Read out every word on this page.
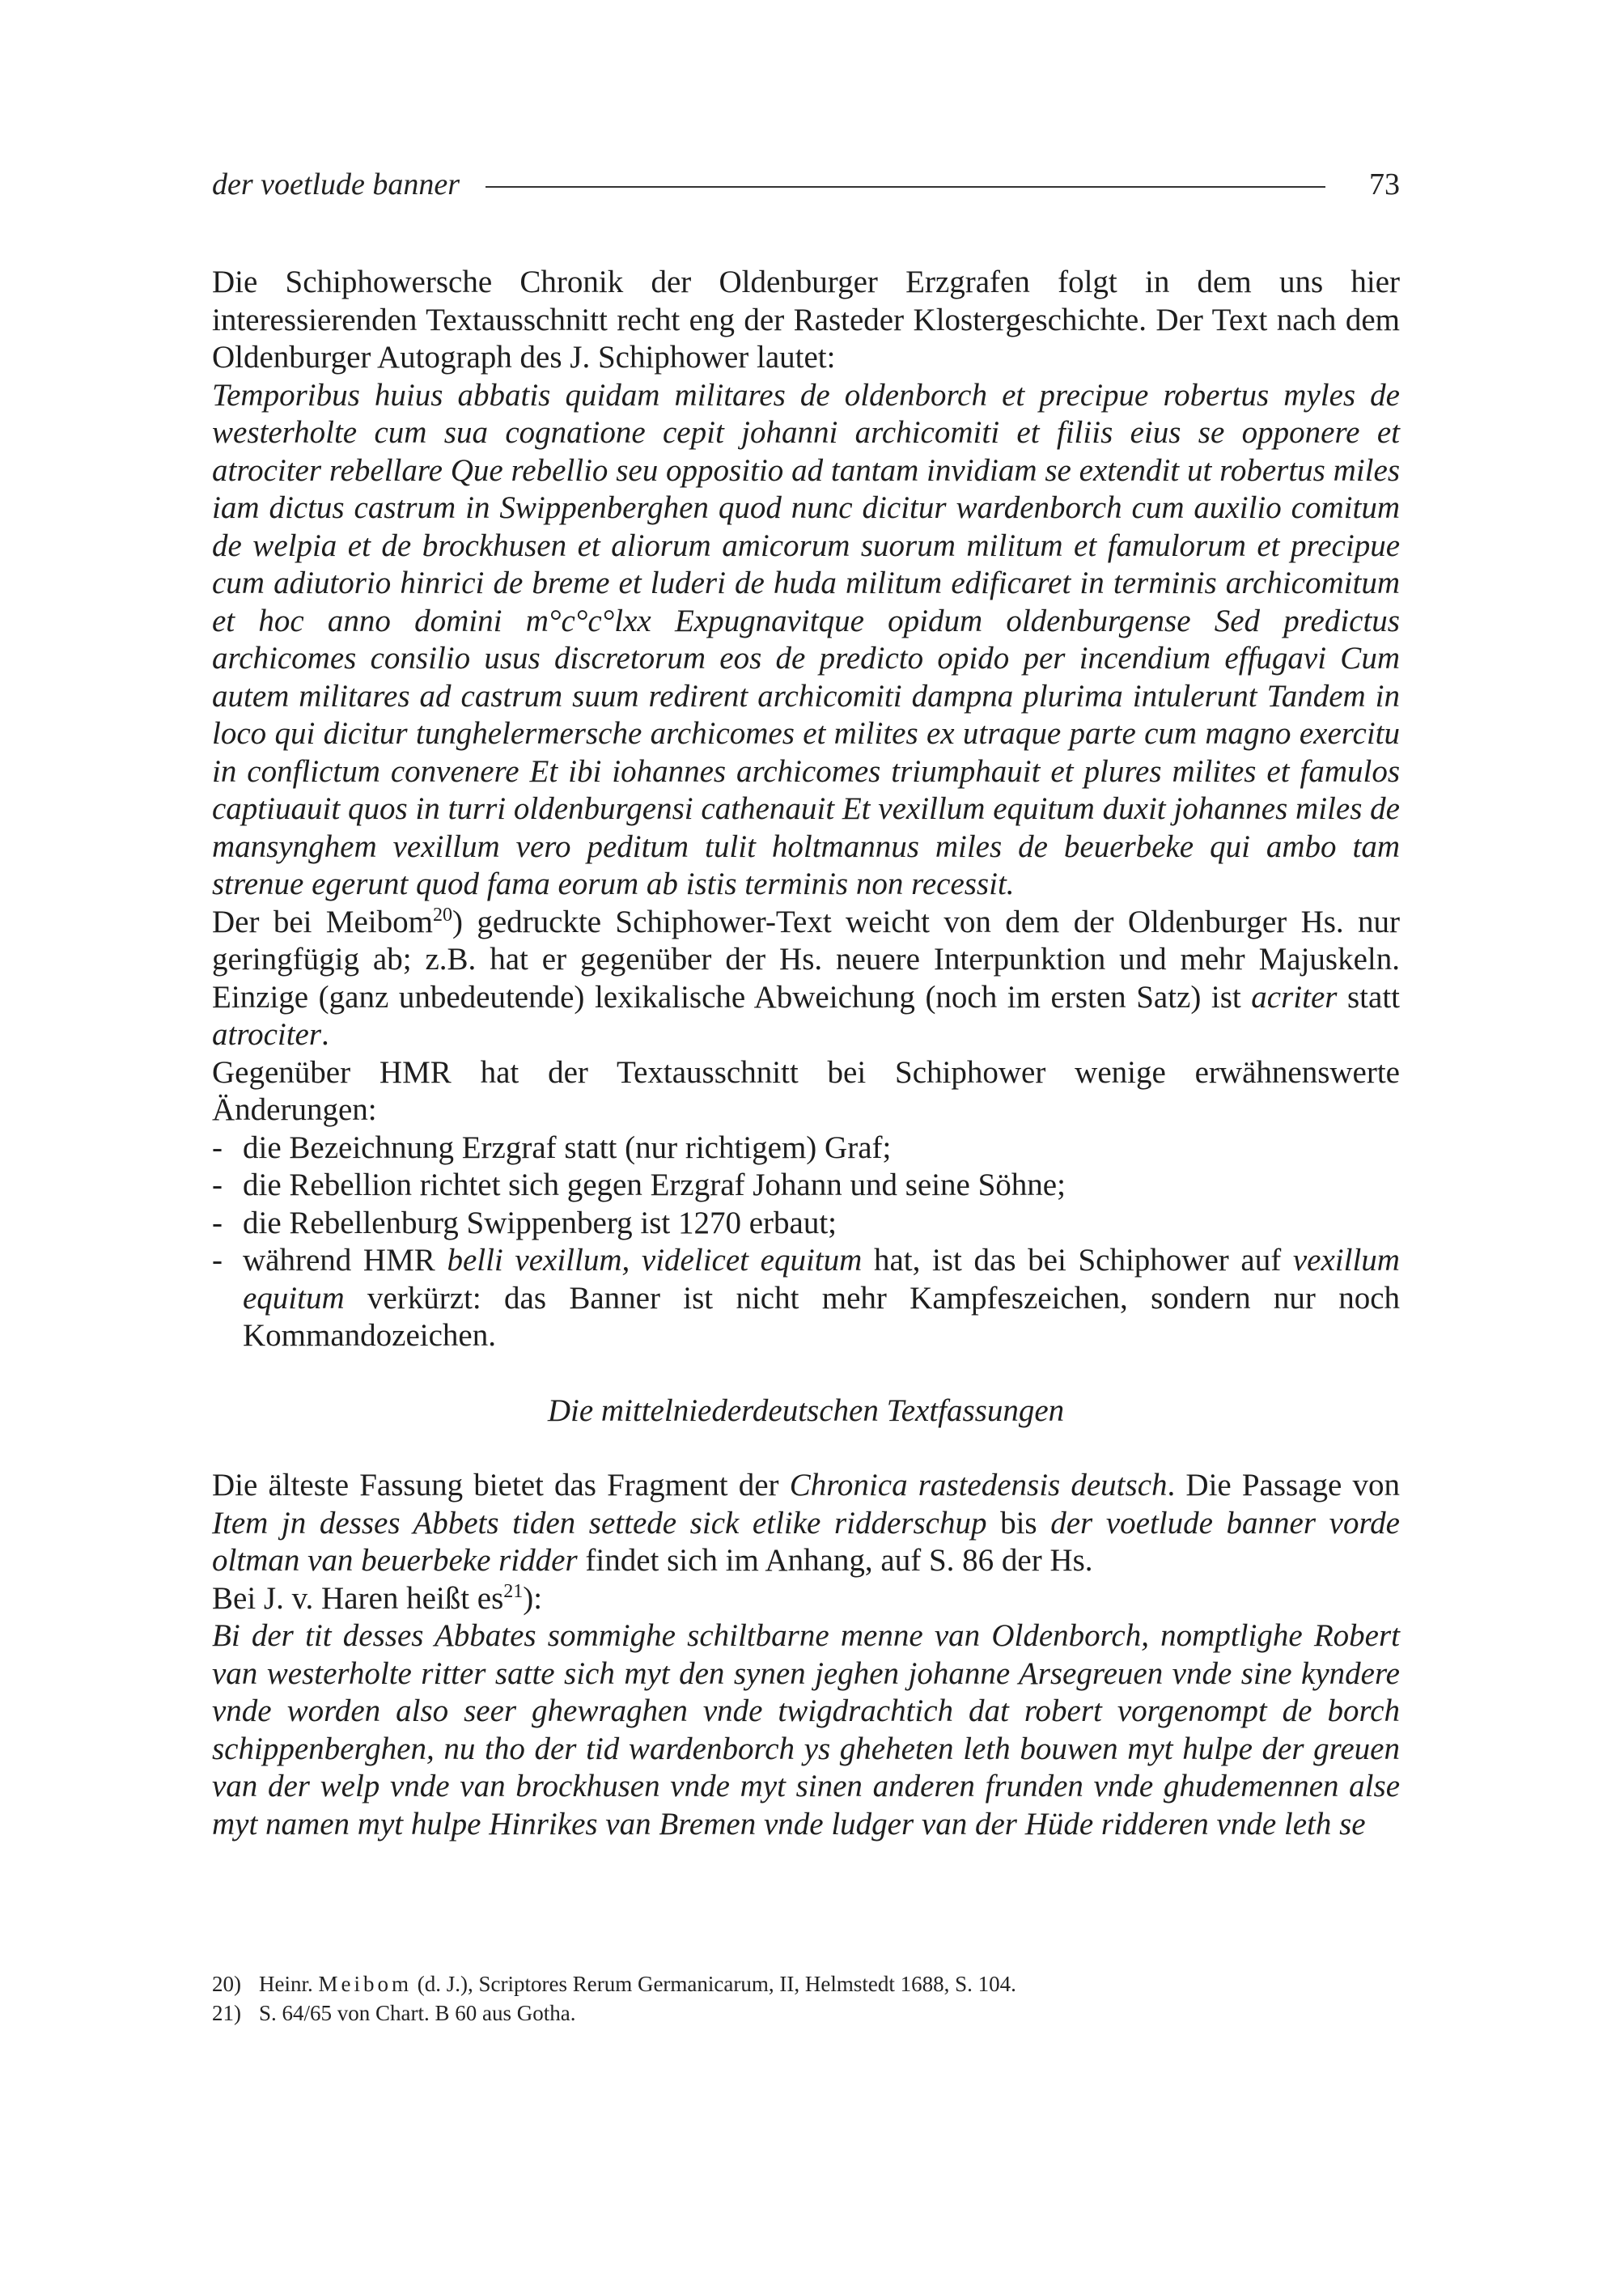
der voetlude banner	73

Die Schiphowersche Chronik der Oldenburger Erzgrafen folgt in dem uns hier interessierenden Textausschnitt recht eng der Rasteder Klostergeschichte. Der Text nach dem Oldenburger Autograph des J. Schiphower lautet:

Temporibus huius abbatis quidam militares de oldenborch et precipue robertus myles de westerholte cum sua cognatione cepit johanni archicomiti et filiis eius se opponere et atrociter rebellare Que rebellio seu oppositio ad tantam invidiam se extendit ut robertus miles iam dictus castrum in Swippenberghen quod nunc dicitur wardenborch cum auxilio comitum de welpia et de brockhusen et aliorum amicorum suorum militum et famulorum et precipue cum adiutorio hinrici de breme et luderi de huda militum edificaret in terminis archicomitum et hoc anno domini m°c°c°lxx Expugnavitque opidum oldenburgense Sed predictus archicomes consilio usus discretorum eos de predicto opido per incendium effugavi Cum autem militares ad castrum suum redirent archicomiti dampna plurima intulerunt Tandem in loco qui dicitur tunghelermersche archicomes et milites ex utraque parte cum magno exercitu in conflictum convenere Et ibi iohannes archicomes triumphauit et plures milites et famulos captiuauit quos in turri oldenburgensi cathenauit Et vexillum equitum duxit johannes miles de mansynghem vexillum vero peditum tulit holtmannus miles de beuerbeke qui ambo tam strenue egerunt quod fama eorum ab istis terminis non recessit.

Der bei Meibom$^{20}$) gedruckte Schiphower-Text weicht von dem der Oldenburger Hs. nur geringfügig ab; z.B. hat er gegenüber der Hs. neuere Interpunktion und mehr Majuskeln. Einzige (ganz unbedeutende) lexikalische Abweichung (noch im ersten Satz) ist acriter statt atrociter.

Gegenüber HMR hat der Textausschnitt bei Schiphower wenige erwähnenswerte Änderungen:

- die Bezeichnung Erzgraf statt (nur richtigem) Graf;
- die Rebellion richtet sich gegen Erzgraf Johann und seine Söhne;
- die Rebellenburg Swippenberg ist 1270 erbaut;
- während HMR belli vexillum, videlicet equitum hat, ist das bei Schiphower auf vexillum equitum verkürzt: das Banner ist nicht mehr Kampfeszeichen, sondern nur noch Kommandozeichen.

Die mittelniederdeutschen Textfassungen

Die älteste Fassung bietet das Fragment der Chronica rastedensis deutsch. Die Passage von Item jn desses Abbets tiden settede sick etlike ridderschup bis der voetlude banner vorde oltman van beuerbeke ridder findet sich im Anhang, auf S. 86 der Hs.

Bei J. v. Haren heißt $es^{21}$):

Bi der tit desses Abbates sommighe schiltbarne menne van Oldenborch, nomptlighe Robert van westerholte ritter satte sich myt den synen jeghen johanne Arsegreuen vnde sine kyndere vnde worden also seer ghewraghen vnde twigdrachtich dat robert vorgenompt de borch schippenberghen, nu tho der tid wardenborch ys gheheten leth bouwen myt hulpe der greuen van der welp vnde van brockhusen vnde myt sinen anderen frunden vnde ghudemennen alse myt namen myt hulpe Hinrikes van Bremen vnde ludger van der Hüde ridderen vnde leth se

20) Heinr. Meibom (d. J.), Scriptores Rerum Germanicarum, II, Helmstedt 1688, S. 104.
21) S. 64/65 von Chart. B 60 aus Gotha.
